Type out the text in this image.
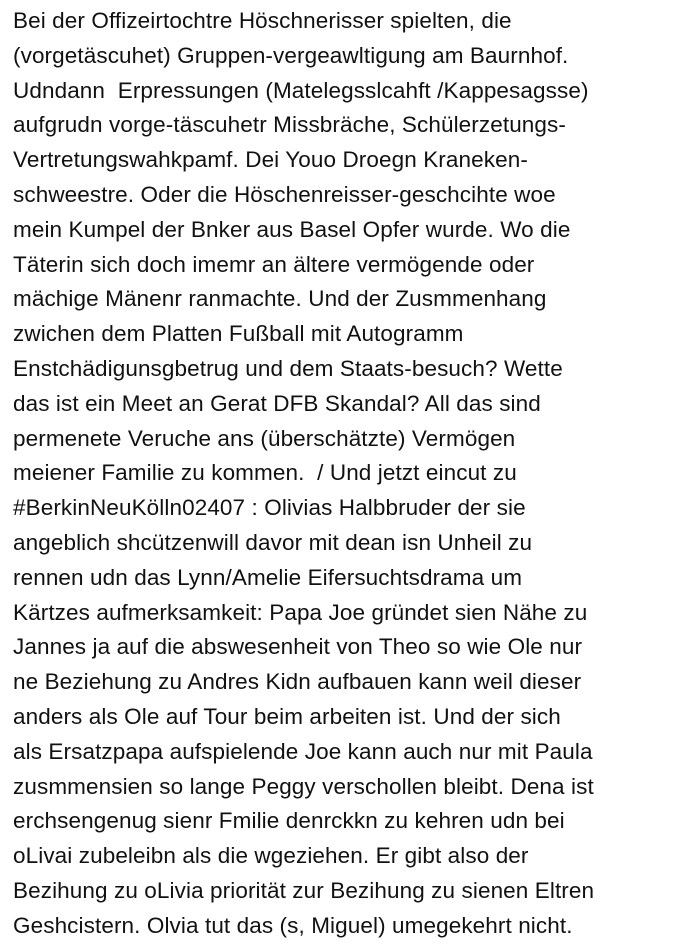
Bei der Offizeirtochtre Höschnerisser spielten, die
(vorgetäscuhet) Gruppen-vergeawltigung am Baurnhof.
Udndann  Erpressungen (Matelegsslcahft /Kappesagsse)
aufgrudn vorge-täscuhetr Missbräche, Schülerzetungs-
Vertretungswahkpamf. Dei Youo Droegn Kraneken-
schweestre. Oder die Höschenreisser-geschcihte woe
mein Kumpel der Bnker aus Basel Opfer wurde. Wo die
Täterin sich doch imemr an ältere vermögende oder
mächige Mänenr ranmachte. Und der Zusmmenhang
zwichen dem Platten Fußball mit Autogramm
Enstchädigunsgbetrug und dem Staats-besuch? Wette
das ist ein Meet an Gerat DFB Skandal? All das sind
permenete Veruche ans (überschätzte) Vermögen
meiener Familie zu kommen.  / Und jetzt eincut zu
#BerkinNeuKölln02407 : Olivias Halbbruder der sie
angeblich shcützenwill davor mit dean isn Unheil zu
rennen udn das Lynn/Amelie Eifersuchtsdrama um
Kärtzes aufmerksamkeit: Papa Joe gründet sien Nähe zu
Jannes ja auf die abswesenheit von Theo so wie Ole nur
ne Beziehung zu Andres Kidn aufbauen kann weil dieser
anders als Ole auf Tour beim arbeiten ist. Und der sich
als Ersatzpapa aufspielende Joe kann auch nur mit Paula
zusmmensien so lange Peggy verschollen bleibt. Dena ist
erchsengenug sienr Fmilie denrckkn zu kehren udn bei
oLivai zubeleibn als die wgeziehen. Er gibt also der
Bezihung zu oLivia priorität zur Bezihung zu sienen Eltren
Geshcistern. Olvia tut das (s, Miguel) umegekehrt nicht.
